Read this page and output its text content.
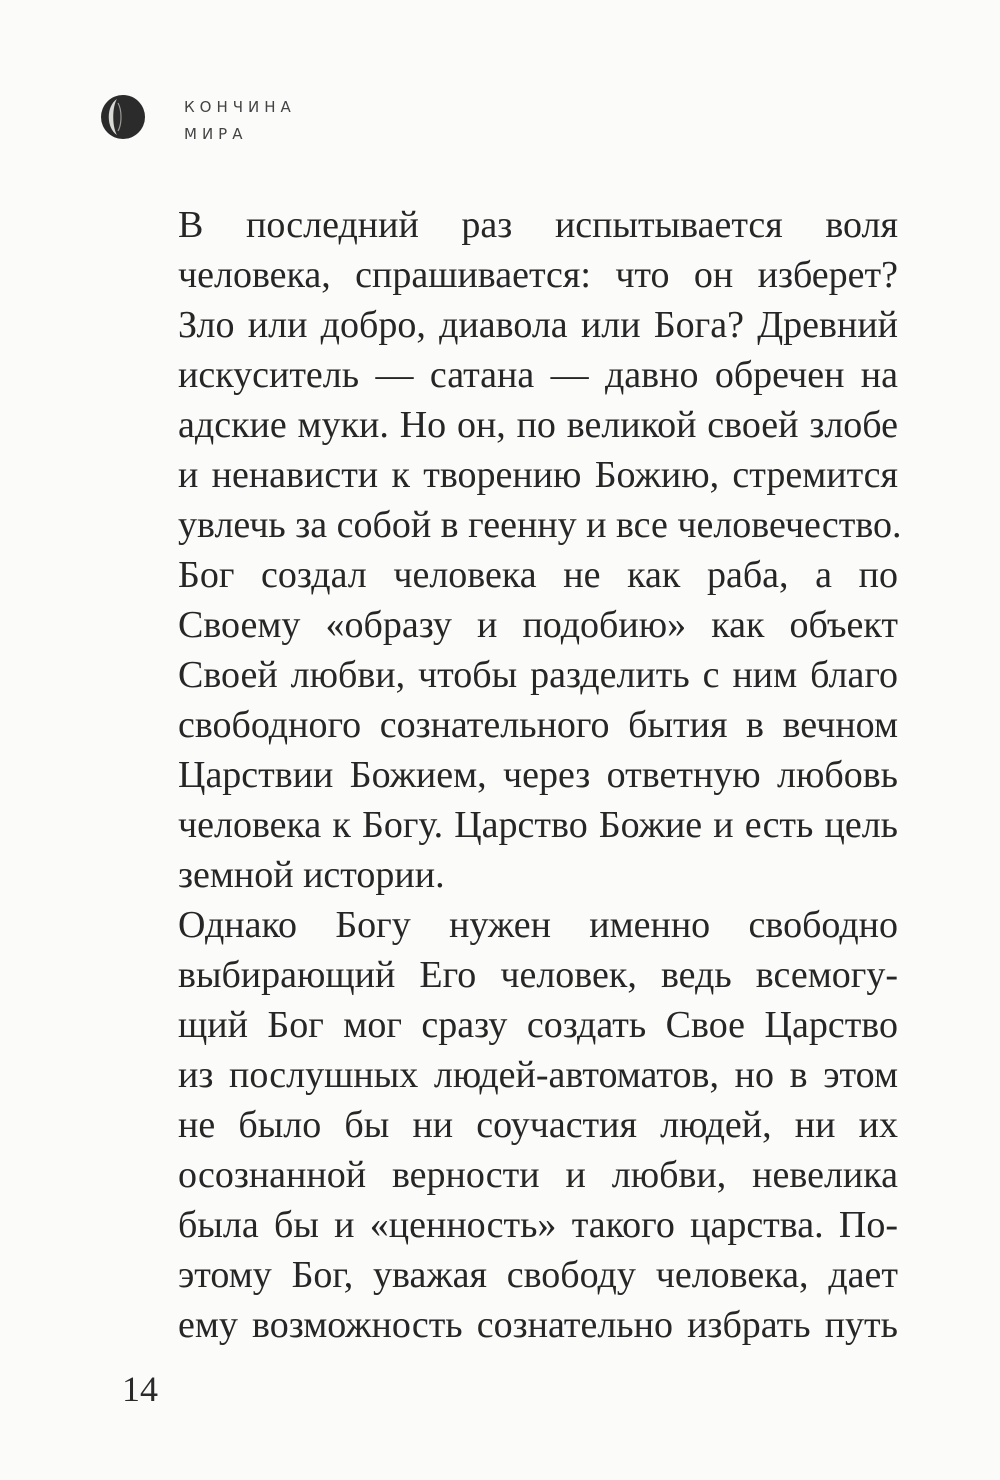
КОНЧИНА
МИРА

В последний раз испытывается воля
человека, спрашивается: что он изберет?
Зло или добро, диавола или Бога? Древний
искуситель — сатана — давно обречен на
адские муки. Но он, по великой своей злобе
и ненависти к творению Божию, стремится
увлечь за собой в геенну и все человечество.

Бог создал человека не как раба, а по
Своему «образу и подобию» как объект
Своей любви, чтобы разделить с ним благо
свободного сознательного бытия в вечном
Царствии Божием, через ответную любовь
человека к Богу. Царство Божие и есть цель
земной истории.

Однако Богу нужен именно свободно
выбирающий Его человек, ведь всемогу-
щий Бог мог сразу создать Свое Царство
из послушных людей-автоматов, но в этом
не было бы ни соучастия людей, ни их
осознанной верности и любви, невелика
была бы и «ценность» такого царства. По-
этому Бог, уважая свободу человека, дает
ему возможность сознательно избрать путь

14
